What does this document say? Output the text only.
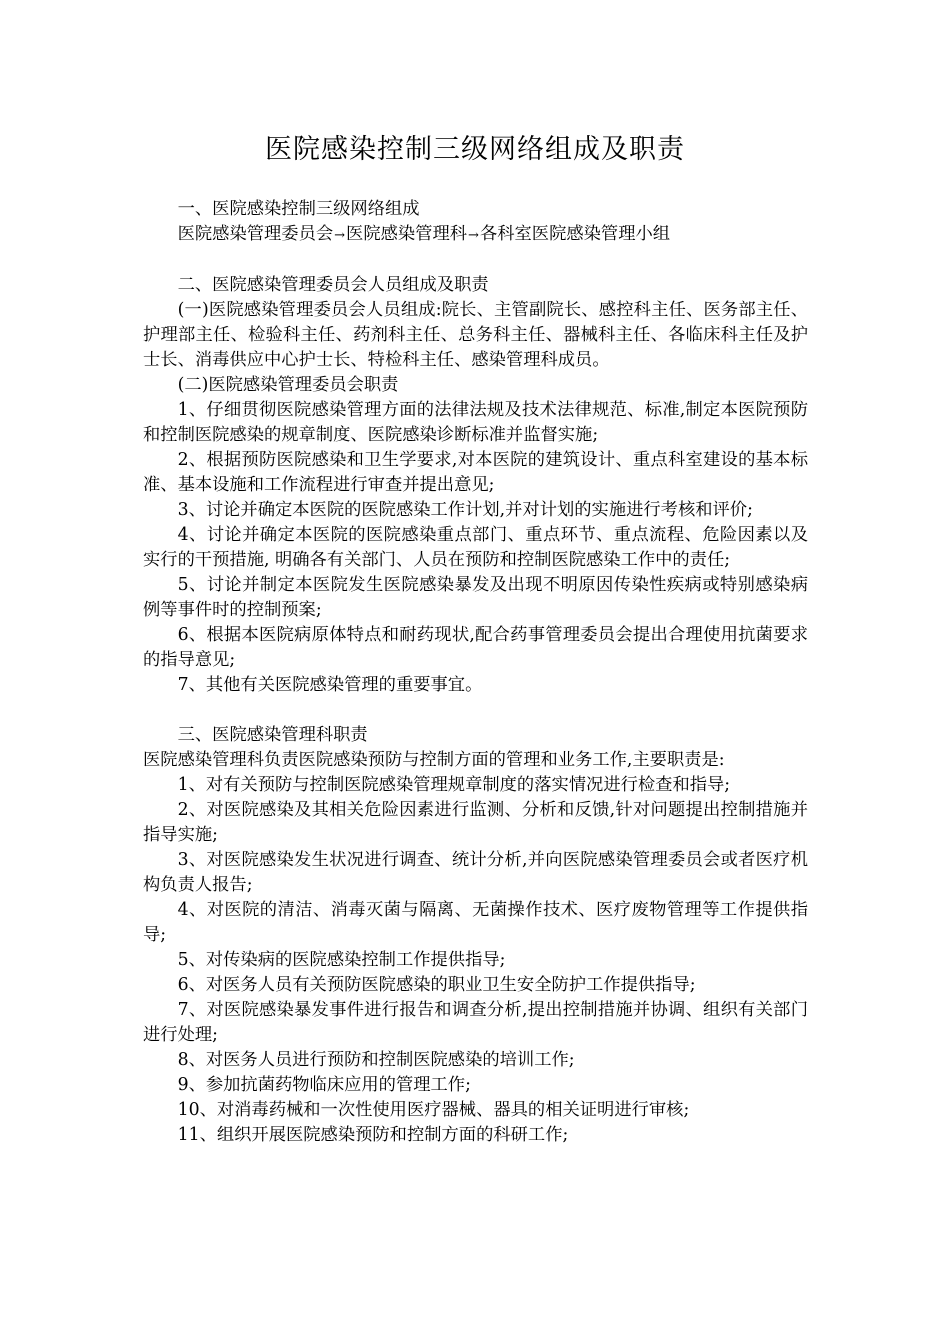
医院感染控制三级网络组成及职责

一、医院感染控制三级网络组成

医院感染管理委员会→医院感染管理科→各科室医院感染管理小组

二、医院感染管理委员会人员组成及职责

(一)医院感染管理委员会人员组成:院长、主管副院长、感控科主任、医务部主任、护理部主任、检验科主任、药剂科主任、总务科主任、器械科主任、各临床科主任及护士长、消毒供应中心护士长、特检科主任、感染管理科成员。

(二)医院感染管理委员会职责

1、仔细贯彻医院感染管理方面的法律法规及技术法律规范、标准,制定本医院预防和控制医院感染的规章制度、医院感染诊断标准并监督实施;

2、根据预防医院感染和卫生学要求,对本医院的建筑设计、重点科室建设的基本标准、基本设施和工作流程进行审查并提出意见;

3、讨论并确定本医院的医院感染工作计划,并对计划的实施进行考核和评价;

4、讨论并确定本医院的医院感染重点部门、重点环节、重点流程、危险因素以及实行的干预措施, 明确各有关部门、人员在预防和控制医院感染工作中的责任;

5、讨论并制定本医院发生医院感染暴发及出现不明原因传染性疾病或特别感染病例等事件时的控制预案;

6、根据本医院病原体特点和耐药现状,配合药事管理委员会提出合理使用抗菌要求的指导意见;

7、其他有关医院感染管理的重要事宜。

三、医院感染管理科职责

医院感染管理科负责医院感染预防与控制方面的管理和业务工作,主要职责是:

1、对有关预防与控制医院感染管理规章制度的落实情况进行检查和指导;

2、对医院感染及其相关危险因素进行监测、分析和反馈,针对问题提出控制措施并指导实施;

3、对医院感染发生状况进行调查、统计分析,并向医院感染管理委员会或者医疗机构负责人报告;

4、对医院的清洁、消毒灭菌与隔离、无菌操作技术、医疗废物管理等工作提供指导;

5、对传染病的医院感染控制工作提供指导;

6、对医务人员有关预防医院感染的职业卫生安全防护工作提供指导;

7、对医院感染暴发事件进行报告和调查分析,提出控制措施并协调、组织有关部门进行处理;

8、对医务人员进行预防和控制医院感染的培训工作;

9、参加抗菌药物临床应用的管理工作;

10、对消毒药械和一次性使用医疗器械、器具的相关证明进行审核;

11、组织开展医院感染预防和控制方面的科研工作;
